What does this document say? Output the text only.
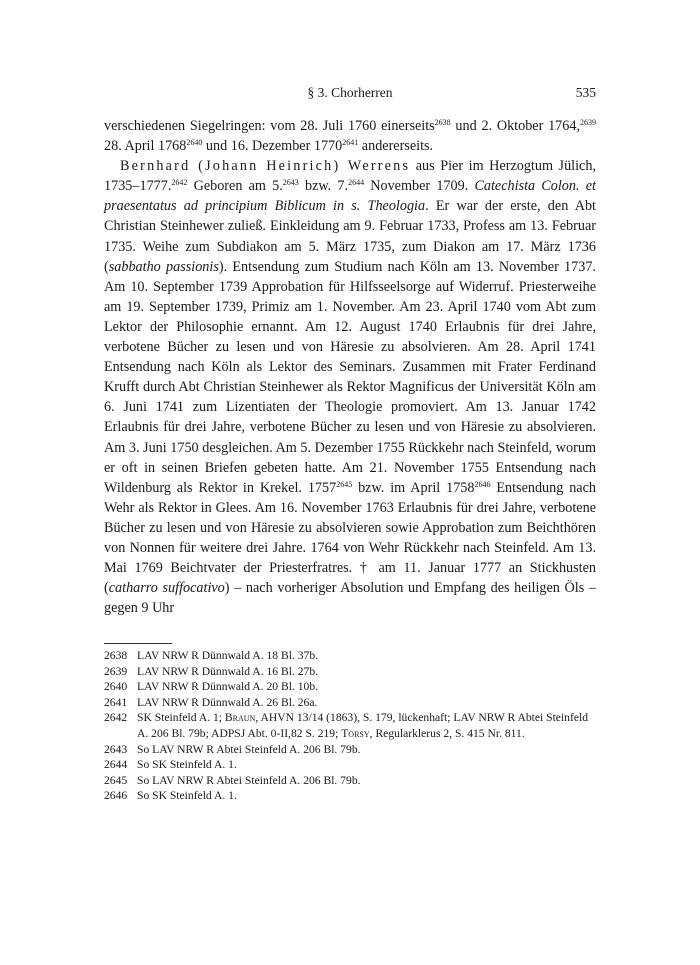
§ 3. Chorherren	535

verschiedenen Siegelringen: vom 28. Juli 1760 einerseits$^{2638}$ und 2. Oktober 1764,$^{2639}$ 28. April $1768^{2640}$ und 16. Dezember $1770^{2641}$ andererseits.

Bernhard (Johann Heinrich) Werrens aus Pier im Herzogtum Jülich, 1735–1777.$^{2642}$ Geboren am 5.$^{2643}$ bzw. 7.$^{2644}$ November 1709. Catechista Colon. et praesentatus ad principium Biblicum in s. Theologia. Er war der erste, den Abt Christian Steinhewer zuließ. Einkleidung am 9. Februar 1733, Profess am 13. Februar 1735. Weihe zum Subdiakon am 5. März 1735, zum Diakon am 17. März 1736 (sabbatho passionis). Entsendung zum Studium nach Köln am 13. November 1737. Am 10. September 1739 Approbation für Hilfsseelsorge auf Widerruf. Priesterweihe am 19. September 1739, Primiz am 1. November. Am 23. April 1740 vom Abt zum Lektor der Philosophie ernannt. Am 12. August 1740 Erlaubnis für drei Jahre, verbotene Bücher zu lesen und von Häresie zu absolvieren. Am 28. April 1741 Entsendung nach Köln als Lektor des Seminars. Zusammen mit Frater Ferdinand Krufft durch Abt Christian Steinhewer als Rektor Magnificus der Universität Köln am 6. Juni 1741 zum Lizentiaten der Theologie promoviert. Am 13. Januar 1742 Erlaubnis für drei Jahre, verbotene Bücher zu lesen und von Häresie zu absolvieren. Am 3. Juni 1750 desgleichen. Am 5. Dezember 1755 Rückkehr nach Steinfeld, worum er oft in seinen Briefen gebeten hatte. Am 21. November 1755 Entsendung nach Wildenburg als Rektor in Krekel. $1757^{2645}$ bzw. im April $1758^{2646}$ Entsendung nach Wehr als Rektor in Glees. Am 16. November 1763 Erlaubnis für drei Jahre, verbotene Bücher zu lesen und von Häresie zu absolvieren sowie Approbation zum Beichthören von Nonnen für weitere drei Jahre. 1764 von Wehr Rückkehr nach Steinfeld. Am 13. Mai 1769 Beichtvater der Priesterfratres. † am 11. Januar 1777 an Stickhusten (catharro suffocativo) – nach vorheriger Absolution und Empfang des heiligen Öls – gegen 9 Uhr

2638 LAV NRW R Dünnwald A. 18 Bl. 37b.
2639 LAV NRW R Dünnwald A. 16 Bl. 27b.
2640 LAV NRW R Dünnwald A. 20 Bl. 10b.
2641 LAV NRW R Dünnwald A. 26 Bl. 26a.
2642 SK Steinfeld A. 1; Braun, AHVN 13/14 (1863), S. 179, lückenhaft; LAV NRW R Abtei Steinfeld A. 206 Bl. 79b; ADPSJ Abt. 0-II,82 S. 219; Torsy, Regularklerus 2, S. 415 Nr. 811.
2643 So LAV NRW R Abtei Steinfeld A. 206 Bl. 79b.
2644 So SK Steinfeld A. 1.
2645 So LAV NRW R Abtei Steinfeld A. 206 Bl. 79b.
2646 So SK Steinfeld A. 1.
